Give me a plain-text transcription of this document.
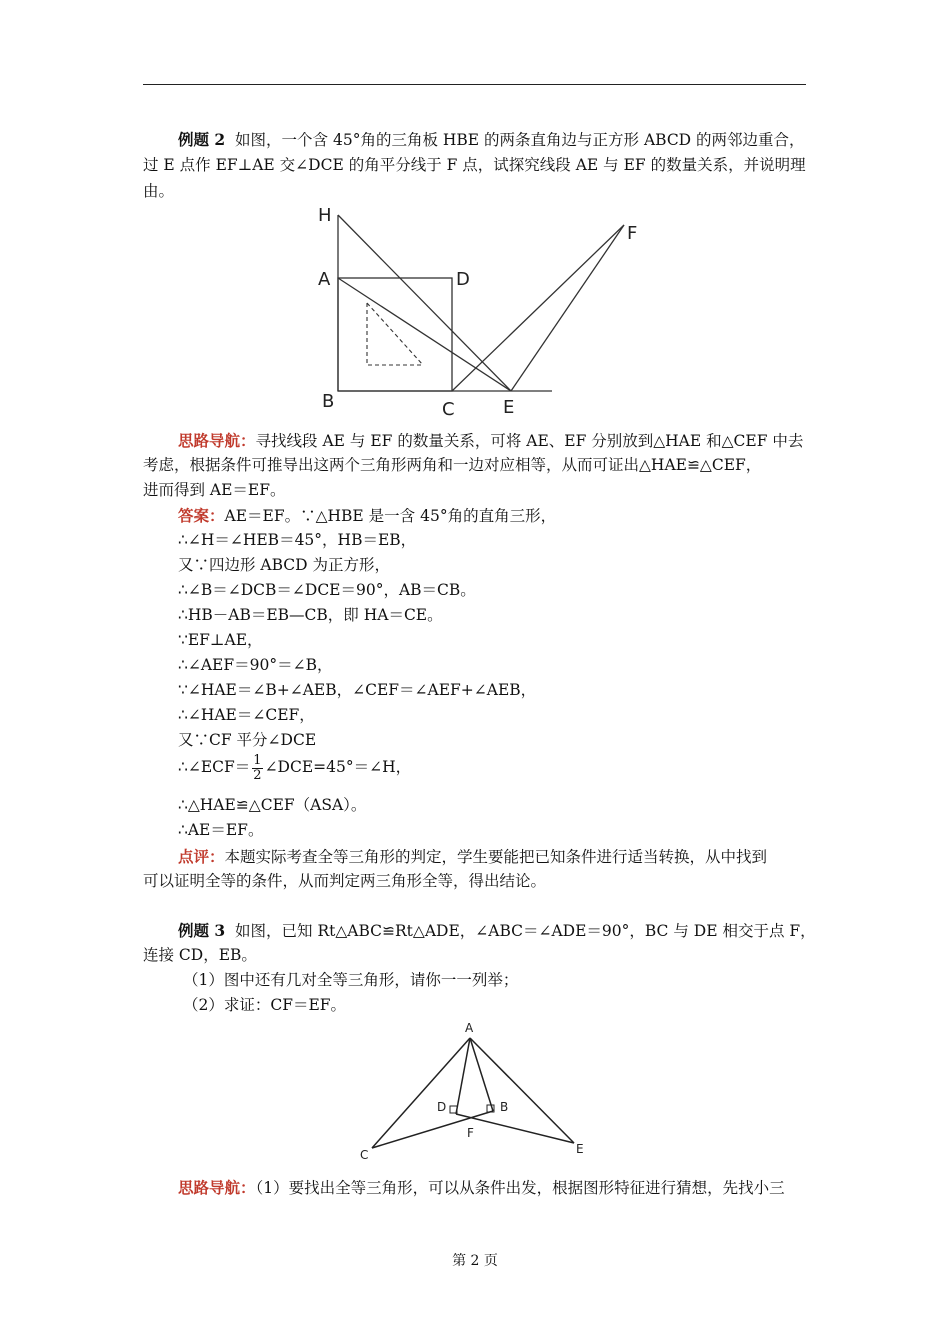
例题 2 如图，一个含 45°角的三角板 HBE 的两条直角边与正方形 ABCD 的两邻边重合，
过 E 点作 EF⊥AE 交∠DCE 的角平分线于 F 点，试探究线段 AE 与 EF 的数量关系，并说明理
由。
H
A	D
B	C	E
F
思路导航：寻找线段 AE 与 EF 的数量关系，可将 AE、EF 分别放到△HAE 和△CEF 中去
考虑，根据条件可推导出这两个三角形两角和一边对应相等，从而可证出△HAE≌△CEF，
进而得到 AE＝EF。
答案：AE＝EF。∵△HBE 是一含 45°角的直角三形，
∴∠H＝∠HEB＝45°，HB＝EB，
又∵四边形 ABCD 为正方形，
∴∠B＝∠DCB＝∠DCE＝90°，AB＝CB。
∴HB－AB＝EB—CB，即 HA＝CE。
∵EF⊥AE，
∴∠AEF＝90°＝∠B，
∵∠HAE＝∠B+∠AEB，∠CEF＝∠AEF+∠AEB，
∴∠HAE＝∠CEF，
又∵CF 平分∠DCE
∴∠ECF＝ $\frac{1}{2}$ ∠DCE=45°＝∠H，
∴△HAE≌△CEF（ASA）。
∴AE＝EF。
点评：本题实际考查全等三角形的判定，学生要能把已知条件进行适当转换，从中找到
可以证明全等的条件，从而判定两三角形全等，得出结论。
例题 3 如图，已知 Rt△ABC≌Rt△ADE，∠ABC＝∠ADE＝90°，BC 与 DE 相交于点 F，
连接 CD，EB。
（1）图中还有几对全等三角形，请你一一列举；
（2）求证：CF＝EF。
A
D	B
F
C	E
思路导航：（1）要找出全等三角形，可以从条件出发，根据图形特征进行猜想，先找小三
第 2 页
